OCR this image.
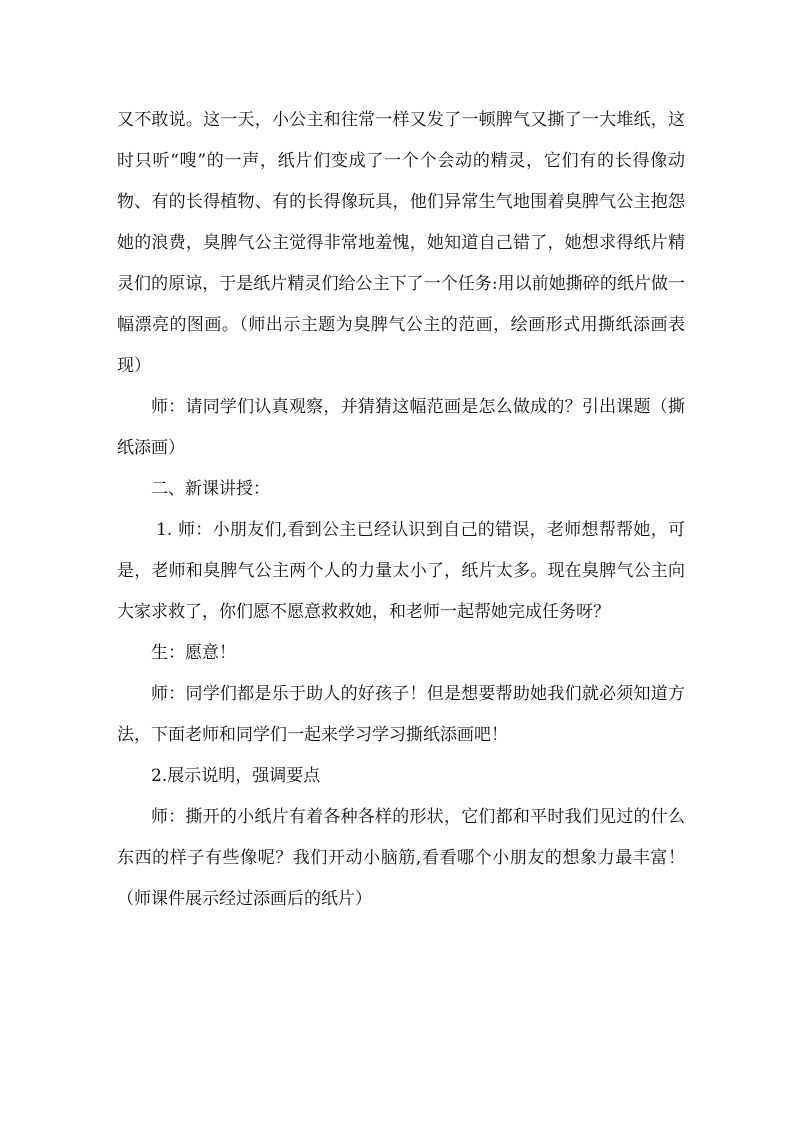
又不敢说。这一天，小公主和往常一样又发了一顿脾气又撕了一大堆纸，这时只听“嗖”的一声，纸片们变成了一个个会动的精灵，它们有的长得像动物、有的长得植物、有的长得像玩具，他们异常生气地围着臭脾气公主抱怨她的浪费，臭脾气公主觉得非常地羞愧，她知道自己错了，她想求得纸片精灵们的原谅，于是纸片精灵们给公主下了一个任务:用以前她撕碎的纸片做一幅漂亮的图画。（师出示主题为臭脾气公主的范画，绘画形式用撕纸添画表现）

师：请同学们认真观察，并猜猜这幅范画是怎么做成的？引出课题（撕纸添画）

二、新课讲授：

1. 师：小朋友们,看到公主已经认识到自己的错误，老师想帮帮她，可是，老师和臭脾气公主两个人的力量太小了，纸片太多。现在臭脾气公主向大家求救了，你们愿不愿意救救她，和老师一起帮她完成任务呀？

生：愿意！

师：同学们都是乐于助人的好孩子！但是想要帮助她我们就必须知道方法，下面老师和同学们一起来学习学习撕纸添画吧！

2.展示说明，强调要点

师：撕开的小纸片有着各种各样的形状，它们都和平时我们见过的什么东西的样子有些像呢？我们开动小脑筋,看看哪个小朋友的想象力最丰富！（师课件展示经过添画后的纸片）
